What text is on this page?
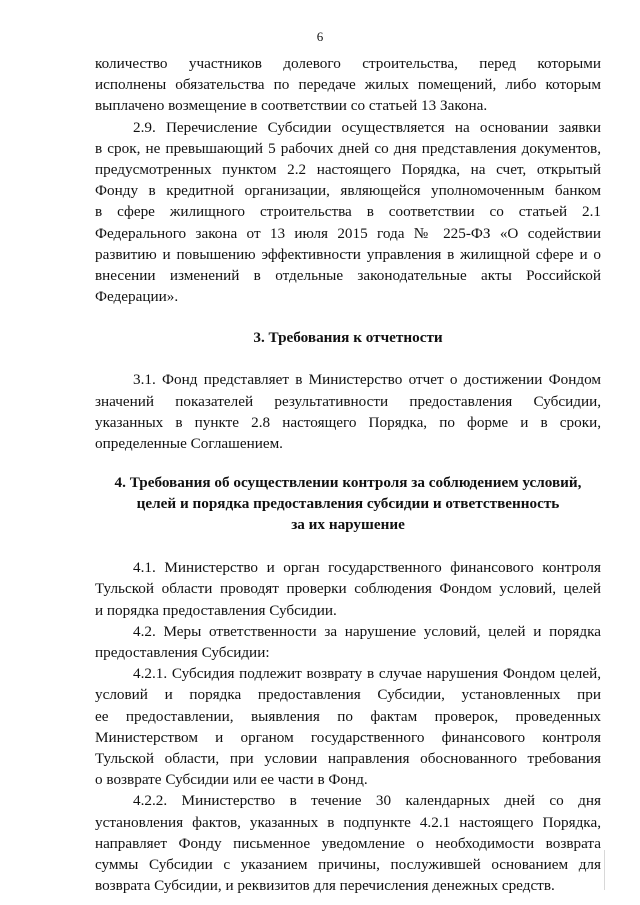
6
количество участников долевого строительства, перед которыми
исполнены обязательства по передаче жилых помещений, либо которым
выплачено возмещение в соответствии со статьей 13 Закона.
2.9. Перечисление Субсидии осуществляется на основании заявки
в срок, не превышающий 5 рабочих дней со дня представления документов,
предусмотренных пунктом 2.2 настоящего Порядка, на счет, открытый
Фонду в кредитной организации, являющейся уполномоченным банком
в сфере жилищного строительства в соответствии со статьей 2.1
Федерального закона от 13 июля 2015 года № 225-ФЗ «О содействии
развитию и повышению эффективности управления в жилищной сфере и о
внесении изменений в отдельные законодательные акты Российской
Федерации».
3. Требования к отчетности
3.1. Фонд представляет в Министерство отчет о достижении Фондом
значений показателей результативности предоставления Субсидии,
указанных в пункте 2.8 настоящего Порядка, по форме и в сроки,
определенные Соглашением.
4. Требования об осуществлении контроля за соблюдением условий,
целей и порядка предоставления субсидии и ответственность
за их нарушение
4.1. Министерство и орган государственного финансового контроля
Тульской области проводят проверки соблюдения Фондом условий, целей
и порядка предоставления Субсидии.
4.2. Меры ответственности за нарушение условий, целей и порядка
предоставления Субсидии:
4.2.1. Субсидия подлежит возврату в случае нарушения Фондом целей,
условий и порядка предоставления Субсидии, установленных при
ее предоставлении, выявления по фактам проверок, проведенных
Министерством и органом государственного финансового контроля
Тульской области, при условии направления обоснованного требования
о возврате Субсидии или ее части в Фонд.
4.2.2. Министерство в течение 30 календарных дней со дня
установления фактов, указанных в подпункте 4.2.1 настоящего Порядка,
направляет Фонду письменное уведомление о необходимости возврата
суммы Субсидии с указанием причины, послужившей основанием для
возврата Субсидии, и реквизитов для перечисления денежных средств.
